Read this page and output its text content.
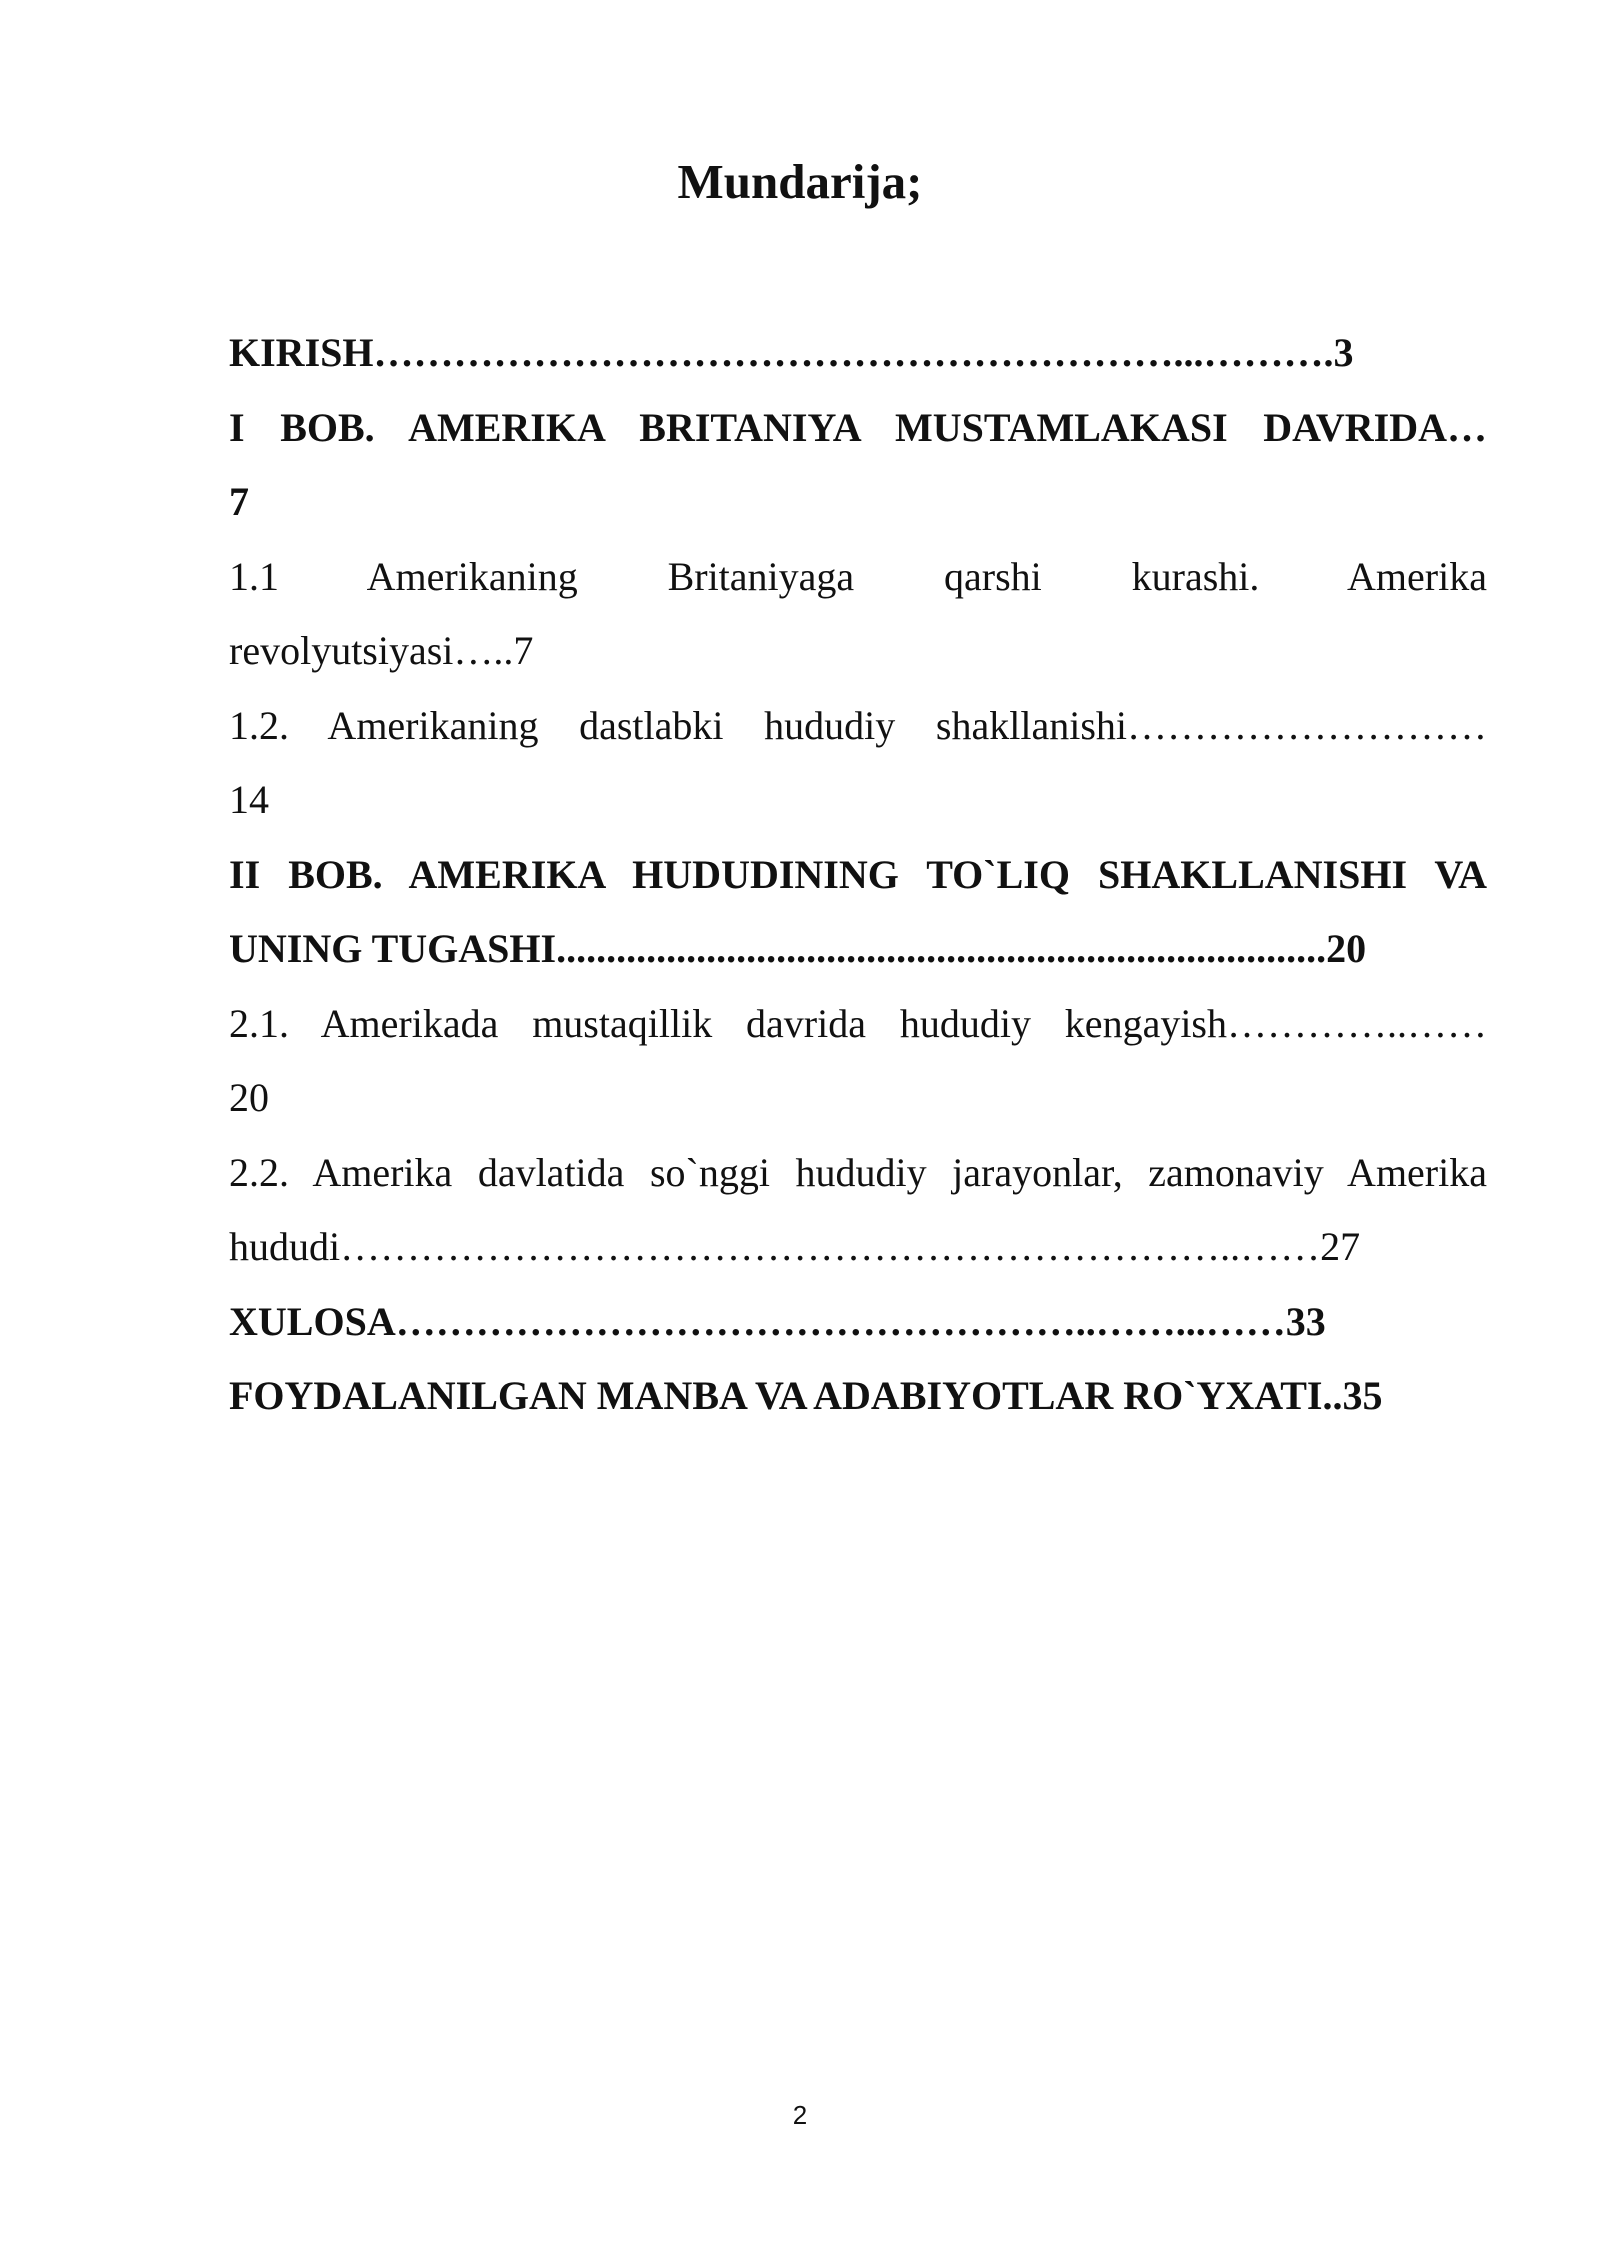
Mundarija;

KIRISH……………………………………………………...……….3

I BOB. AMERIKA BRITANIYA MUSTAMLAKASI DAVRIDA…

7

1.1 Amerikaning Britaniyaga qarshi kurashi. Amerika

revolyutsiyasi…..7

1.2. Amerikaning dastlabki hududiy shakllanishi………………………

14

II BOB. AMERIKA HUDUDINING TO`LIQ SHAKLLANISHI VA

UNING TUGASHI.............................................................................20

2.1. Amerikada mustaqillik davrida hududiy kengayish…………..……

20

2.2. Amerika davlatida so`nggi hududiy jarayonlar, zamonaviy Amerika

hududi…………………………………………………………..……27

XULOSA……………………………………………..……...……33

FOYDALANILGAN MANBA VA ADABIYOTLAR RO`YXATI..35

2
